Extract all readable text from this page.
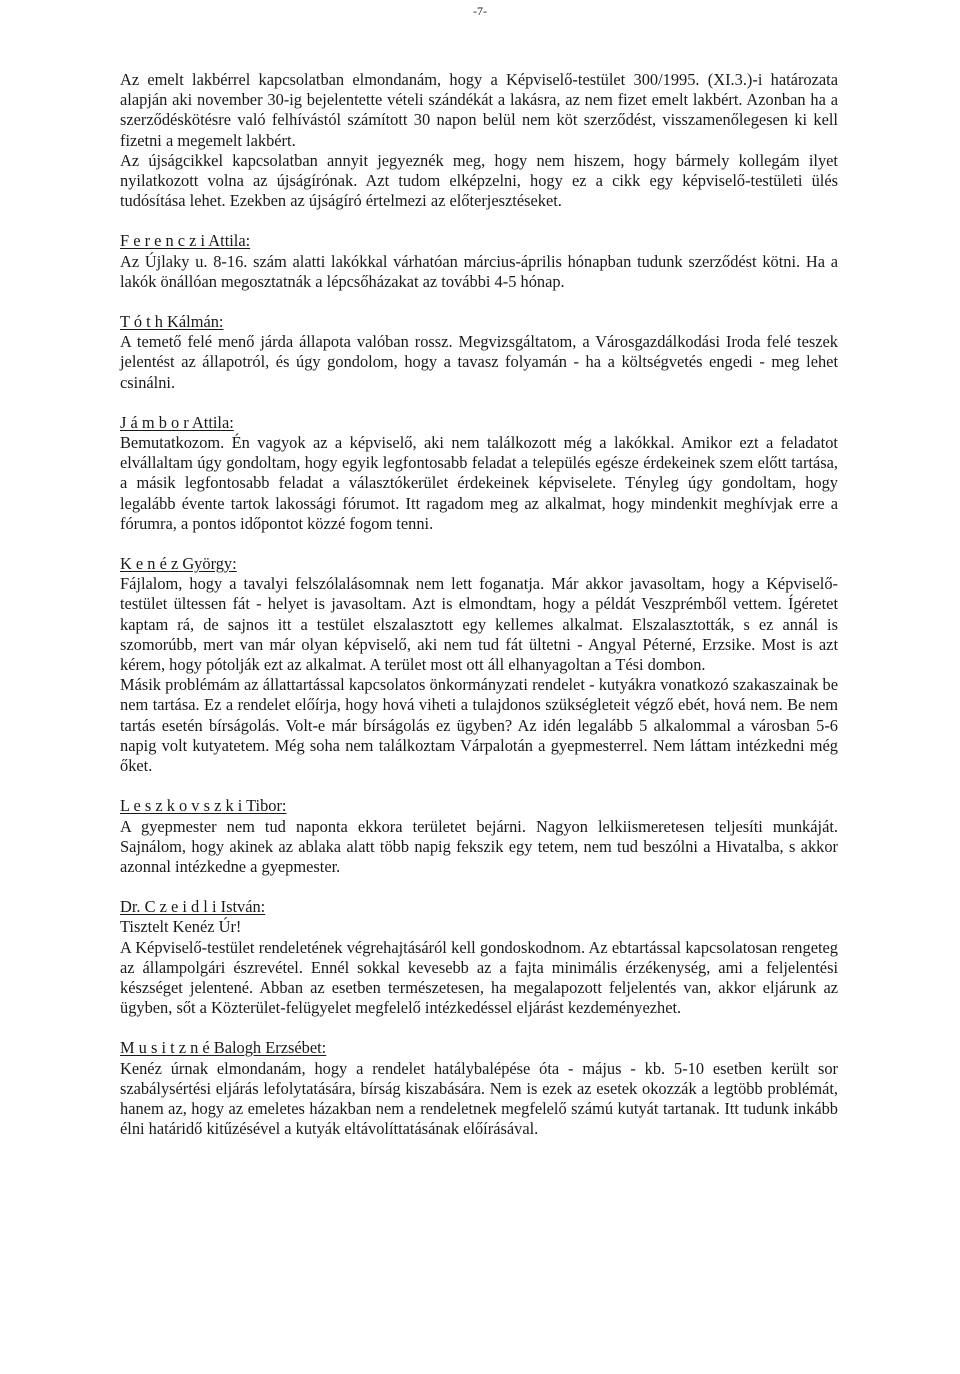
-7-

Az emelt lakbérrel kapcsolatban elmondanám, hogy a Képviselő-testület 300/1995. (XI.3.)-i határozata alapján aki november 30-ig bejelentette vételi szándékát a lakásra, az nem fizet emelt lakbért. Azonban ha a szerződéskötésre való felhívástól számított 30 napon belül nem köt szerződést, visszamenőlegesen ki kell fizetni a megemelt lakbért.

Az újságcikkel kapcsolatban annyit jegyeznék meg, hogy nem hiszem, hogy bármely kollegám ilyet nyilatkozott volna az újságírónak. Azt tudom elképzelni, hogy ez a cikk egy képviselő-testületi ülés tudósítása lehet. Ezekben az újságíró értelmezi az előterjesztéseket.

F e r e n c z i Attila:

Az Újlaky u. 8-16. szám alatti lakókkal várhatóan március-április hónapban tudunk szerződést kötni. Ha a lakók önállóan megosztatnák a lépcsőházakat az további 4-5 hónap.

T ó t h Kálmán:

A temető felé menő járda állapota valóban rossz. Megvizsgáltatom, a Városgazdálkodási Iroda felé teszek jelentést az állapotról, és úgy gondolom, hogy a tavasz folyamán - ha a költségvetés engedi - meg lehet csinálni.

J á m b o r Attila:

Bemutatkozom. Én vagyok az a képviselő, aki nem találkozott még a lakókkal. Amikor ezt a feladatot elvállaltam úgy gondoltam, hogy egyik legfontosabb feladat a település egésze érdekeinek szem előtt tartása, a másik legfontosabb feladat a választókerület érdekeinek képviselete. Tényleg úgy gondoltam, hogy legalább évente tartok lakossági fórumot. Itt ragadom meg az alkalmat, hogy mindenkit meghívjak erre a fórumra, a pontos időpontot közzé fogom tenni.

K e n é z György:

Fájlalom, hogy a tavalyi felszólalásomnak nem lett foganatja. Már akkor javasoltam, hogy a Képviselő-testület ültessen fát - helyet is javasoltam. Azt is elmondtam, hogy a példát Veszprémből vettem. Ígéretet kaptam rá, de sajnos itt a testület elszalasztott egy kellemes alkalmat. Elszalasztották, s ez annál is szomorúbb, mert van már olyan képviselő, aki nem tud fát ültetni - Angyal Péterné, Erzsike. Most is azt kérem, hogy pótolják ezt az alkalmat. A terület most ott áll elhanyagoltan a Tési dombon.

Másik problémám az állattartással kapcsolatos önkormányzati rendelet - kutyákra vonatkozó szakaszainak be nem tartása. Ez a rendelet előírja, hogy hová viheti a tulajdonos szükségleteit végző ebét, hová nem. Be nem tartás esetén bírságolás. Volt-e már bírságolás ez ügyben? Az idén legalább 5 alkalommal a városban 5-6 napig volt kutyatetem. Még soha nem találkoztam Várpalotán a gyepmesterrel. Nem láttam intézkedni még őket.

L e s z k o v s z k i Tibor:

A gyepmester nem tud naponta ekkora területet bejárni. Nagyon lelkiismeretesen teljesíti munkáját. Sajnálom, hogy akinek az ablaka alatt több napig fekszik egy tetem, nem tud beszólni a Hivatalba, s akkor azonnal intézkedne a gyepmester.

Dr. C z e i d l i István:

Tisztelt Kenéz Úr!

A Képviselő-testület rendeletének végrehajtásáról kell gondoskodnom. Az ebtartással kapcsolatosan rengeteg az állampolgári észrevétel. Ennél sokkal kevesebb az a fajta minimális érzékenység, ami a feljelentési készséget jelentené. Abban az esetben természetesen, ha megalapozott feljelentés van, akkor eljárunk az ügyben, sőt a Közterület-felügyelet megfelelő intézkedéssel eljárást kezdeményezhet.

M u s i t z n é Balogh Erzsébet:

Kenéz úrnak elmondanám, hogy a rendelet hatálybalépése óta - május - kb. 5-10 esetben került sor szabálysértési eljárás lefolytatására, bírság kiszabására. Nem is ezek az esetek okozzák a legtöbb problémát, hanem az, hogy az emeletes házakban nem a rendeletnek megfelelő számú kutyát tartanak. Itt tudunk inkább élni határidő kitűzésével a kutyák eltávolíttatásának előírásával.
